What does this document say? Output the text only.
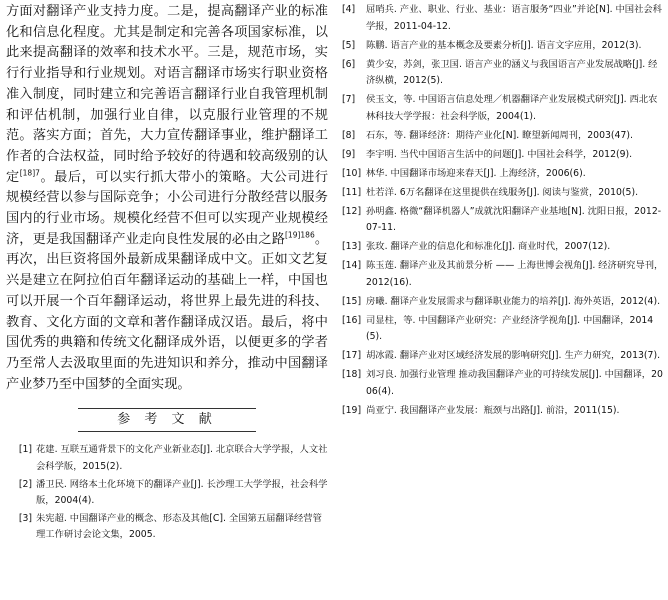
方面对翻译产业支持力度。二是，提高翻译产业的标准化和信息化程度。尤其是制定和完善各项国家标准，以此来提高翻译的效率和技术水平。三是，规范市场，实行行业指导和行业规划。对语言翻译市场实行职业资格准入制度，同时建立和完善语言翻译行业自我管理机制和评估机制，加强行业自律，以克服行业管理的不规范。落实方面；首先，大力宣传翻译事业，维护翻译工作者的合法权益，同时给予较好的待遇和较高级别的认定$^{[18]7}$。最后，可以实行抓大带小的策略。大公司进行规模经营以参与国际竞争；小公司进行分散经营以服务国内的行业市场。规模化经营不但可以实现产业规模经济，更是我国翻译产业走向良性发展的必由之路$^{[19]186}$。再次，出巨资将国外最新成果翻译成中文。正如文艺复兴是建立在阿拉伯百年翻译运动的基础上一样，中国也可以开展一个百年翻译运动，将世界上最先进的科技、教育、文化方面的文章和著作翻译成汉语。最后，将中国优秀的典籍和传统文化翻译成外语，以便更多的学者乃至常人去汲取里面的先进知识和养分，推动中国翻译产业梦乃至中国梦的全面实现。

参 考 文 献
[1] 花建. 互联互通背景下的文化产业新业态[J]. 北京联合大学学报，人文社会科学版，2015(2).
[2] 潘卫民. 网络本土化环境下的翻译产业[J]. 长沙理工大学学报，社会科学版，2004(4).
[3] 朱宪超. 中国翻译产业的概念、形态及其他[C]. 全国第五届翻译经营管理工作研讨会论文集，2005.
[4] 屈哨兵. 产业、职业、行业、基业：语言服务“四业”并论[N]. 中国社会科学报，2011-04-12.
[5] 陈鹏. 语言产业的基本概念及要素分析[J]. 语言文字应用，2012(3).
[6] 黄少安，苏剑，张卫国. 语言产业的涵义与我国语言产业发展战略[J]. 经济纵横，2012(5).
[7] 侯玉文，等. 中国语言信息处理／机器翻译产业发展模式研究[J]. 西北农林科技大学学报：社会科学版，2004(1).
[8] 石东，等. 翻译经济：期待产业化[N]. 瞭望新闻周刊，2003(47).
[9] 李宇明. 当代中国语言生活中的问题[J]. 中国社会科学，2012(9).
[10] 林华. 中国翻译市场迎来春天[J]. 上海经济，2006(6).
[11] 杜若洋. 6万名翻译在这里提供在线服务[J]. 阅读与鉴赏，2010(5).
[12] 孙明鑫. 格微“翻译机器人”成就沈阳翻译产业基地[N]. 沈阳日报，2012-07-11.
[13] 张玫. 翻译产业的信息化和标准化[J]. 商业时代，2007(12).
[14] 陈玉莲. 翻译产业及其前景分析 —— 上海世博会视角[J]. 经济研究导刊，2012(16).
[15] 房曦. 翻译产业发展需求与翻译职业能力的培养[J]. 海外英语，2012(4).
[16] 司显柱，等. 中国翻译产业研究：产业经济学视角[J]. 中国翻译，2014(5).
[17] 胡冰霞. 翻译产业对区域经济发展的影响研究[J]. 生产力研究，2013(7).
[18] 刘习良. 加强行业管理 推动我国翻译产业的可持续发展[J]. 中国翻译，2006(4).
[19] 尚亚宁. 我国翻译产业发展：瓶颈与出路[J]. 前沿，2011(15).
